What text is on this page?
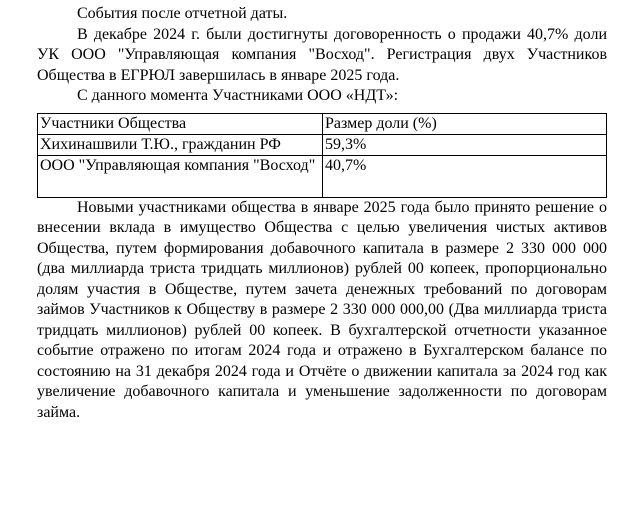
События после отчетной даты.

В декабре 2024 г. были достигнуты договоренность о продажи 40,7% доли УК ООО "Управляющая компания "Восход". Регистрация двух Участников Общества в ЕГРЮЛ завершилась в январе 2025 года.

С данного момента Участниками ООО «НДТ»:

Участники Общества	Размер доли (%)
Хихинашвили Т.Ю., гражданин РФ	59,3%
ООО "Управляющая компания "Восход"	40,7%

Новыми участниками общества в январе 2025 года было принято решение о внесении вклада в имущество Общества с целью увеличения чистых активов Общества, путем формирования добавочного капитала в размере 2 330 000 000 (два миллиарда триста тридцать миллионов) рублей 00 копеек, пропорционально долям участия в Обществе, путем зачета денежных требований по договорам займов Участников к Обществу в размере 2 330 000 000,00 (Два миллиарда триста тридцать миллионов) рублей 00 копеек. В бухгалтерской отчетности указанное событие отражено по итогам 2024 года и отражено в Бухгалтерском балансе по состоянию на 31 декабря 2024 года и Отчёте о движении капитала за 2024 год как увеличение добавочного капитала и уменьшение задолженности по договорам займа.
